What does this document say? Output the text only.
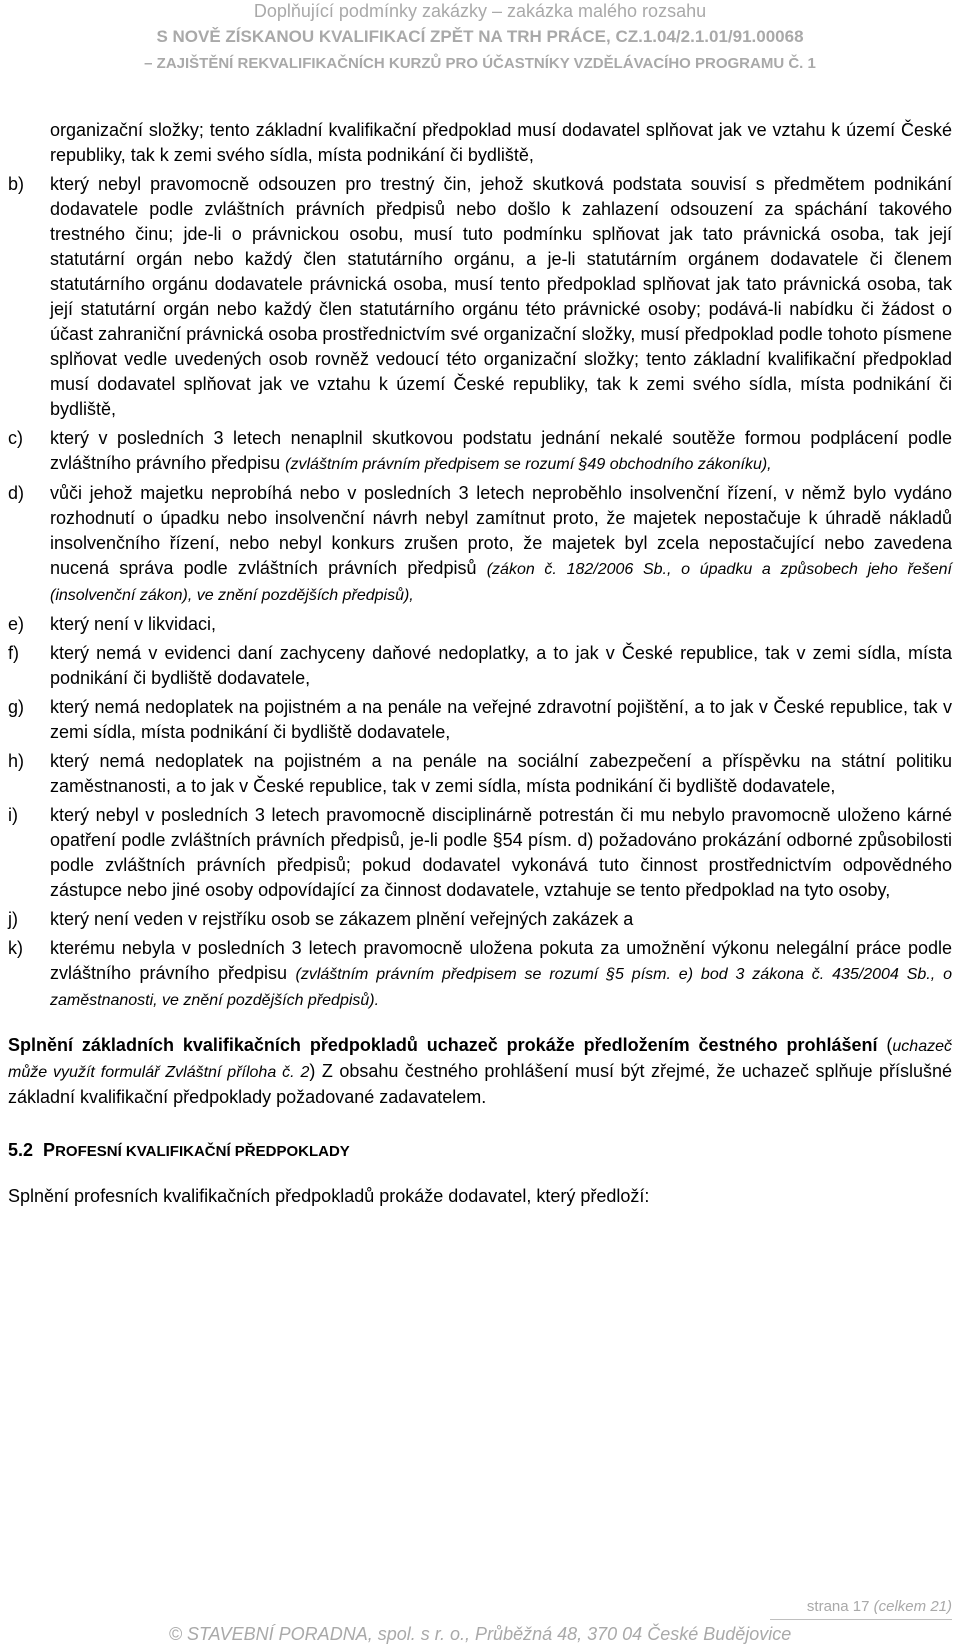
Doplňující podmínky zakázky – zakázka malého rozsahu
S NOVĚ ZÍSKANOU KVALIFIKACÍ ZPĚT NA TRH PRÁCE, CZ.1.04/2.1.01/91.00068
– ZAJIŠTĚNÍ REKVALIFIKAČNÍCH KURZŮ PRO ÚČASTNÍKY VZDĚLÁVACÍHO PROGRAMU Č. 1
organizační složky; tento základní kvalifikační předpoklad musí dodavatel splňovat jak ve vztahu k území České republiky, tak k zemi svého sídla, místa podnikání či bydliště,
b)	který nebyl pravomocně odsouzen pro trestný čin, jehož skutková podstata souvisí s předmětem podnikání dodavatele podle zvláštních právních předpisů nebo došlo k zahlazení odsouzení za spáchání takového trestného činu; jde-li o právnickou osobu, musí tuto podmínku splňovat jak tato právnická osoba, tak její statutární orgán nebo každý člen statutárního orgánu, a je-li statutárním orgánem dodavatele či členem statutárního orgánu dodavatele právnická osoba, musí tento předpoklad splňovat jak tato právnická osoba, tak její statutární orgán nebo každý člen statutárního orgánu této právnické osoby; podává-li nabídku či žádost o účast zahraniční právnická osoba prostřednictvím své organizační složky, musí předpoklad podle tohoto písmene splňovat vedle uvedených osob rovněž vedoucí této organizační složky; tento základní kvalifikační předpoklad musí dodavatel splňovat jak ve vztahu k území České republiky, tak k zemi svého sídla, místa podnikání či bydliště,
c)	který v posledních 3 letech nenaplnil skutkovou podstatu jednání nekalé soutěže formou podplácení podle zvláštního právního předpisu (zvláštním právním předpisem se rozumí §49 obchodního zákoníku),
d)	vůči jehož majetku neprobíhá nebo v posledních 3 letech neproběhlo insolvenční řízení, v němž bylo vydáno rozhodnutí o úpadku nebo insolvenční návrh nebyl zamítnut proto, že majetek nepostačuje k úhradě nákladů insolvenčního řízení, nebo nebyl konkurs zrušen proto, že majetek byl zcela nepostačující nebo zavedena nucená správa podle zvláštních právních předpisů (zákon č. 182/2006 Sb., o úpadku a způsobech jeho řešení (insolvenční zákon), ve znění pozdějších předpisů),
e)	který není v likvidaci,
f)	který nemá v evidenci daní zachyceny daňové nedoplatky, a to jak v České republice, tak v zemi sídla, místa podnikání či bydliště dodavatele,
g)	který nemá nedoplatek na pojistném a na penále na veřejné zdravotní pojištění, a to jak v České republice, tak v zemi sídla, místa podnikání či bydliště dodavatele,
h)	který nemá nedoplatek na pojistném a na penále na sociální zabezpečení a příspěvku na státní politiku zaměstnanosti, a to jak v České republice, tak v zemi sídla, místa podnikání či bydliště dodavatele,
i)	který nebyl v posledních 3 letech pravomocně disciplinárně potrestán či mu nebylo pravomocně uloženo kárné opatření podle zvláštních právních předpisů, je-li podle §54 písm. d) požadováno prokázání odborné způsobilosti podle zvláštních právních předpisů; pokud dodavatel vykonává tuto činnost prostřednictvím odpovědného zástupce nebo jiné osoby odpovídající za činnost dodavatele, vztahuje se tento předpoklad na tyto osoby,
j)	který není veden v rejstříku osob se zákazem plnění veřejných zakázek a
k)	kterému nebyla v posledních 3 letech pravomocně uložena pokuta za umožnění výkonu nelegální práce podle zvláštního právního předpisu (zvláštním právním předpisem se rozumí §5 písm. e) bod 3 zákona č. 435/2004 Sb., o zaměstnanosti, ve znění pozdějších předpisů).
Splnění základních kvalifikačních předpokladů uchazeč prokáže předložením čestného prohlášení (uchazeč může využít formulář Zvláštní příloha č. 2) Z obsahu čestného prohlášení musí být zřejmé, že uchazeč splňuje příslušné základní kvalifikační předpoklady požadované zadavatelem.
5.2 PROFESNÍ KVALIFIKAČNÍ PŘEDPOKLADY
Splnění profesních kvalifikačních předpokladů prokáže dodavatel, který předloží:
strana 17 (celkem 21)
© STAVEBNÍ PORADNA, spol. s r. o., Průběžná 48, 370 04 České Budějovice
